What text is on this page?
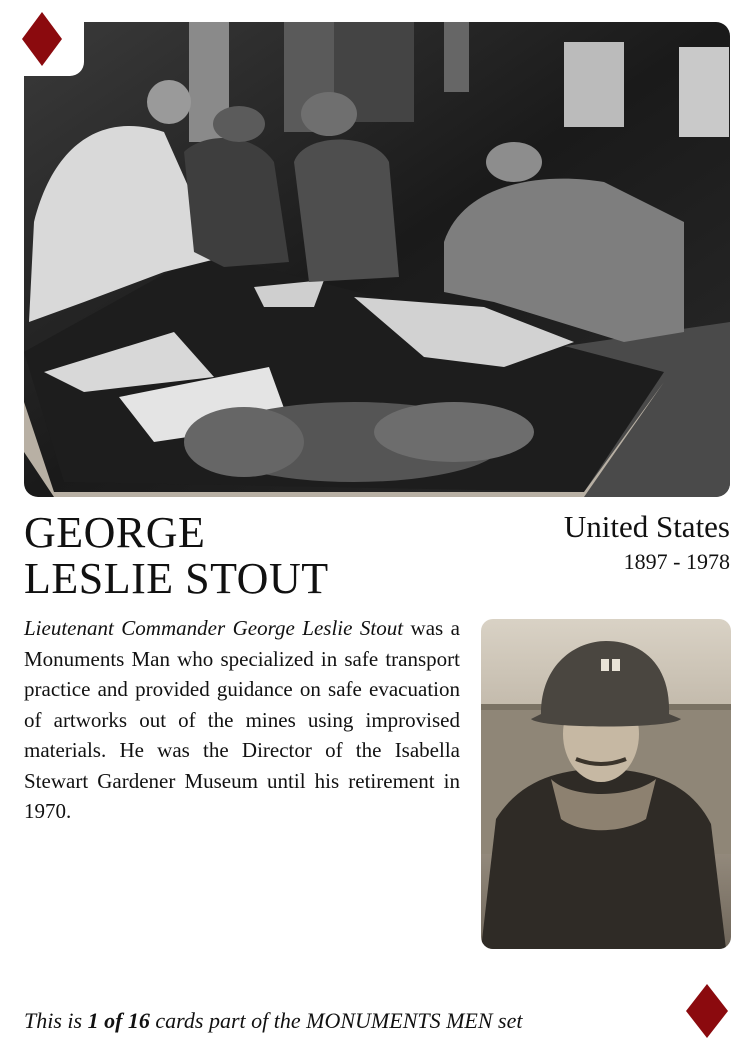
GEORGE
LESLIE STOUT
United States
1897 - 1978

Lieutenant Commander George Leslie Stout was a Monuments Man who specialized in safe transport practice and provided guidance on safe evacuation of artworks out of the mines using improvised materials. He was the Director of the Isabella Stewart Gardener Museum until his retirement in 1970.

This is 1 of 16 cards part of the MONUMENTS MEN set
